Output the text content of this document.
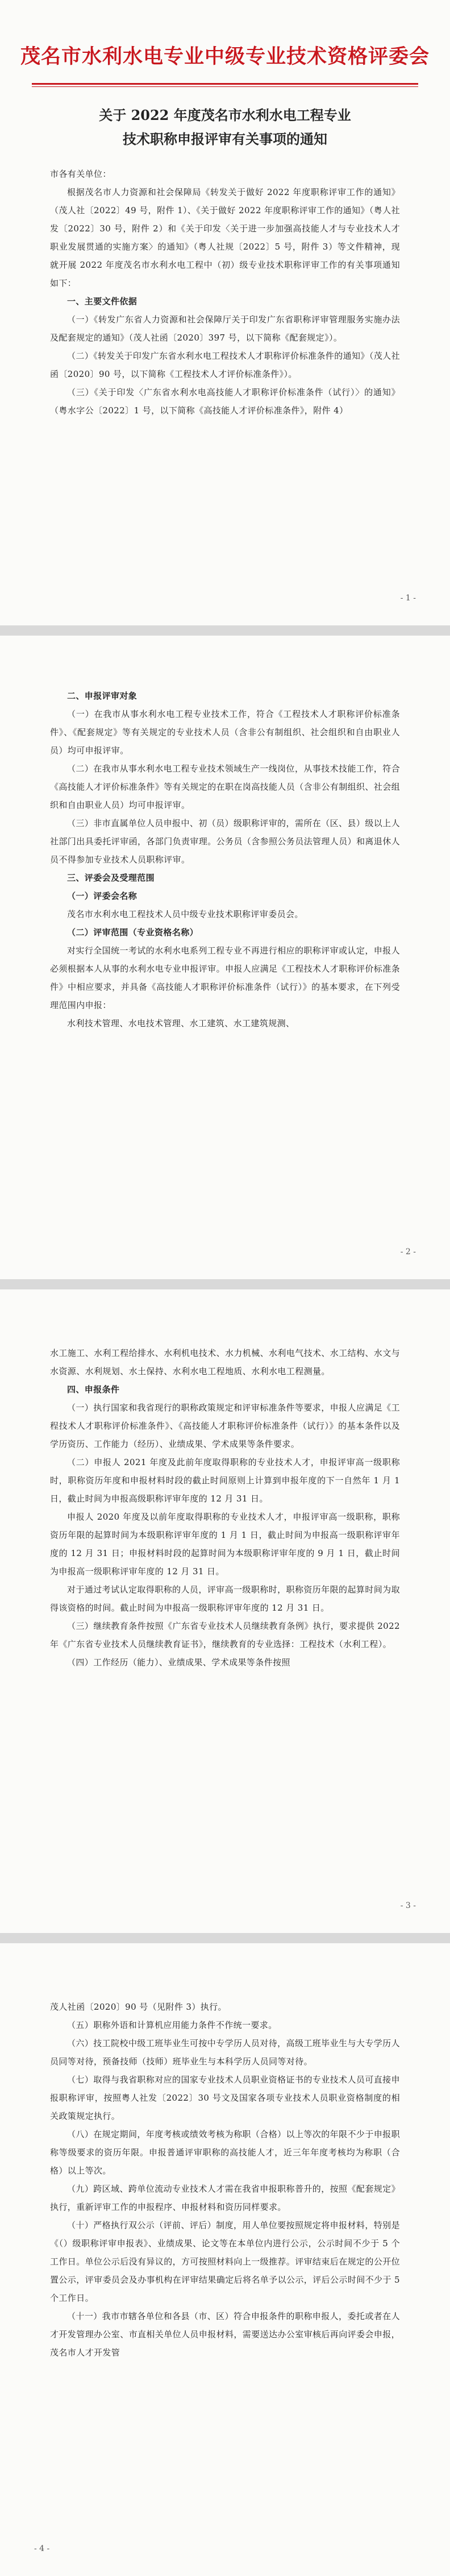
茂名市水利水电专业中级专业技术资格评委会
关于 2022 年度茂名市水利水电工程专业
技术职称申报评审有关事项的通知

市各有关单位：

根据茂名市人力资源和社会保障局《转发关于做好 2022 年度职称评审工作的通知》（茂人社〔2022〕49 号，附件 1）、《关于做好 2022 年度职称评审工作的通知》（粤人社发〔2022〕30 号，附件 2）和《关于印发〈关于进一步加强高技能人才与专业技术人才职业发展贯通的实施方案〉的通知》（粤人社规〔2022〕5 号，附件 3）等文件精神，现就开展 2022 年度茂名市水利水电工程中（初）级专业技术职称评审工作的有关事项通知如下：

一、主要文件依据

（一）《转发广东省人力资源和社会保障厅关于印发广东省职称评审管理服务实施办法及配套规定的通知》（茂人社函〔2020〕397 号，以下简称《配套规定》）。

（二）《转发关于印发广东省水利水电工程技术人才职称评价标准条件的通知》（茂人社函〔2020〕90 号，以下简称《工程技术人才评价标准条件》）。

（三）《关于印发〈广东省水利水电高技能人才职称评价标准条件（试行）〉的通知》（粤水字公〔2022〕1 号，以下简称《高技能人才评价标准条件》，附件 4）

- 1 -

二、申报评审对象

（一）在我市从事水利水电工程专业技术工作，符合《工程技术人才职称评价标准条件》、《配套规定》等有关规定的专业技术人员（含非公有制组织、社会组织和自由职业人员）均可申报评审。

（二）在我市从事水利水电工程专业技术领域生产一线岗位，从事技术技能工作，符合《高技能人才评价标准条件》等有关规定的在职在岗高技能人员（含非公有制组织、社会组织和自由职业人员）均可申报评审。

（三）非市直属单位人员申报中、初（员）级职称评审的，需所在（区、县）级以上人社部门出具委托评审函，各部门负责审理。公务员（含参照公务员法管理人员）和离退休人员不得参加专业技术人员职称评审。

三、评委会及受理范围

（一）评委会名称

茂名市水利水电工程技术人员中级专业技术职称评审委员会。

（二）评审范围（专业资格名称）

对实行全国统一考试的水利水电系列工程专业不再进行相应的职称评审或认定，申报人必须根据本人从事的水利水电专业申报评审。申报人应满足《工程技术人才职称评价标准条件》中相应要求，并具备《高技能人才职称评价标准条件（试行）》的基本要求，在下列受理范围内申报：

水利技术管理、水电技术管理、水工建筑、水工建筑规测、

- 2 -

水工施工、水利工程给排水、水利机电技术、水力机械、水利电气技术、水工结构、水文与水资源、水利规划、水土保持、水利水电工程地质、水利水电工程测量。

四、申报条件

（一）执行国家和我省现行的职称政策规定和评审标准条件等要求，申报人应满足《工程技术人才职称评价标准条件》、《高技能人才职称评价标准条件（试行）》的基本条件以及学历资历、工作能力（经历）、业绩成果、学术成果等条件要求。

（二）申报人 2021 年度及此前年度取得职称的专业技术人才，申报评审高一级职称时，职称资历年度和申报材料时段的截止时间原则上计算到申报年度的下一自然年 1 月 1 日，截止时间为申报高级职称评审年度的 12 月 31 日。

申报人 2020 年度及以前年度取得职称的专业技术人才，申报评审高一级职称，职称资历年限的起算时间为本级职称评审年度的 1 月 1 日，截止时间为申报高一级职称评审年度的 12 月 31 日；申报材料时段的起算时间为本级职称评审年度的 9 月 1 日，截止时间为申报高一级职称评审年度的 12 月 31 日。

对于通过考试认定取得职称的人员，评审高一级职称时，职称资历年限的起算时间为取得该资格的时间。截止时间为申报高一级职称评审年度的 12 月 31 日。

（三）继续教育条件按照《广东省专业技术人员继续教育条例》执行，要求提供 2022 年《广东省专业技术人员继续教育证书》，继续教育的专业选择：工程技术（水利工程）。

（四）工作经历（能力）、业绩成果、学术成果等条件按照

- 3 -

茂人社函〔2020〕90 号（见附件 3）执行。

（五）职称外语和计算机应用能力条件不作统一要求。

（六）技工院校中级工班毕业生可按中专学历人员对待，高级工班毕业生与大专学历人员同等对待，预备技师（技师）班毕业生与本科学历人员同等对待。

（七）取得与我省职称对应的国家专业技术人员职业资格证书的专业技术人员可直接申报职称评审，按照粤人社发〔2022〕30 号文及国家各项专业技术人员职业资格制度的相关政策规定执行。

（八）在规定期间，年度考核或绩效考核为称职（合格）以上等次的年限不少于申报职称等级要求的资历年限。申报普通评审职称的高技能人才，近三年年度考核均为称职（合格）以上等次。

（九）跨区域、跨单位流动专业技术人才需在我省申报职称普升的，按照《配套规定》执行，重新评审工作的申报程序、申报材料和资历同样要求。

（十）严格执行双公示（评前、评后）制度，用人单位要按照规定将申报材料，特别是《（）级职称评审申报表》、业绩成果、论文等在本单位内进行公示，公示时间不少于 5 个工作日。单位公示后没有异议的，方可按照材料向上一级推荐。评审结束后在规定的公开位置公示，评审委员会及办事机构在评审结果确定后将名单予以公示，评后公示时间不少于 5 个工作日。

（十一）我市市辖各单位和各县（市、区）符合申报条件的职称申报人，委托或者在人才开发管理办公室、市直相关单位人员申报材料，需要送达办公室审核后再向评委会申报，茂名市人才开发管

- 4 -
